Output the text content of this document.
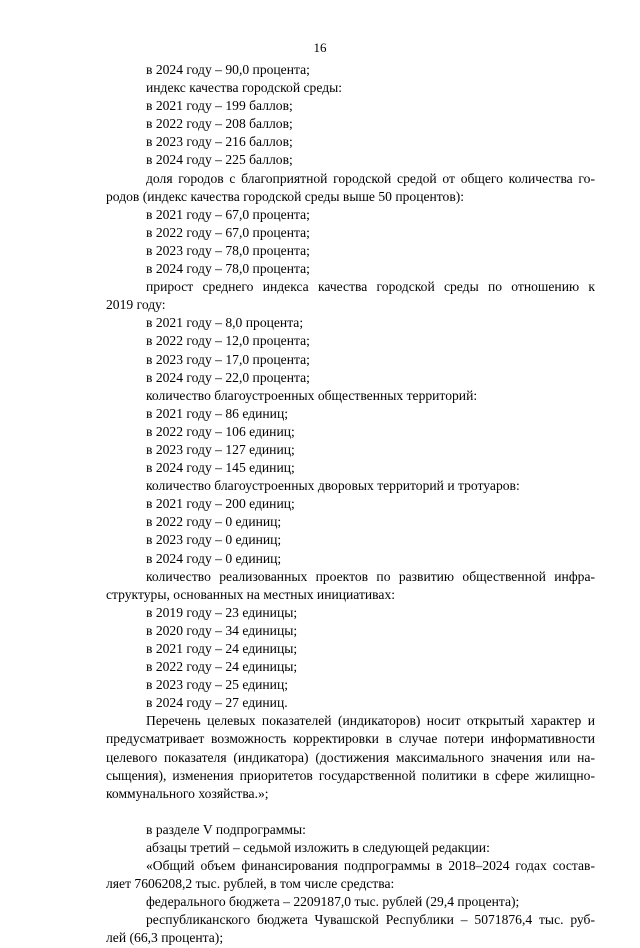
16
в 2024 году – 90,0 процента;
индекс качества городской среды:
в 2021 году – 199 баллов;
в 2022 году – 208 баллов;
в 2023 году – 216 баллов;
в 2024 году – 225 баллов;
доля городов с благоприятной городской средой от общего количества го-
родов (индекс качества городской среды выше 50 процентов):
в 2021 году – 67,0 процента;
в 2022 году – 67,0 процента;
в 2023 году – 78,0 процента;
в 2024 году – 78,0 процента;
прирост среднего индекса качества городской среды по отношению к
2019 году:
в 2021 году – 8,0 процента;
в 2022 году – 12,0 процента;
в 2023 году – 17,0 процента;
в 2024 году – 22,0 процента;
количество благоустроенных общественных территорий:
в 2021 году – 86 единиц;
в 2022 году – 106 единиц;
в 2023 году – 127 единиц;
в 2024 году – 145 единиц;
количество благоустроенных дворовых территорий и тротуаров:
в 2021 году – 200 единиц;
в 2022 году – 0 единиц;
в 2023 году – 0 единиц;
в 2024 году – 0 единиц;
количество реализованных проектов по развитию общественной инфра-
структуры, основанных на местных инициативах:
в 2019 году – 23 единицы;
в 2020 году – 34 единицы;
в 2021 году – 24 единицы;
в 2022 году – 24 единицы;
в 2023 году – 25 единиц;
в 2024 году – 27 единиц.
Перечень целевых показателей (индикаторов) носит открытый характер и
предусматривает возможность корректировки в случае потери информативности
целевого показателя (индикатора) (достижения максимального значения или на-
сыщения), изменения приоритетов государственной политики в сфере жилищно-
коммунального хозяйства.»;
в разделе V подпрограммы:
абзацы третий – седьмой изложить в следующей редакции:
«Общий объем финансирования подпрограммы в 2018–2024 годах состав-
ляет 7606208,2 тыс. рублей, в том числе средства:
федерального бюджета – 2209187,0 тыс. рублей (29,4 процента);
республиканского бюджета Чувашской Республики – 5071876,4 тыс. руб-
лей (66,3 процента);
